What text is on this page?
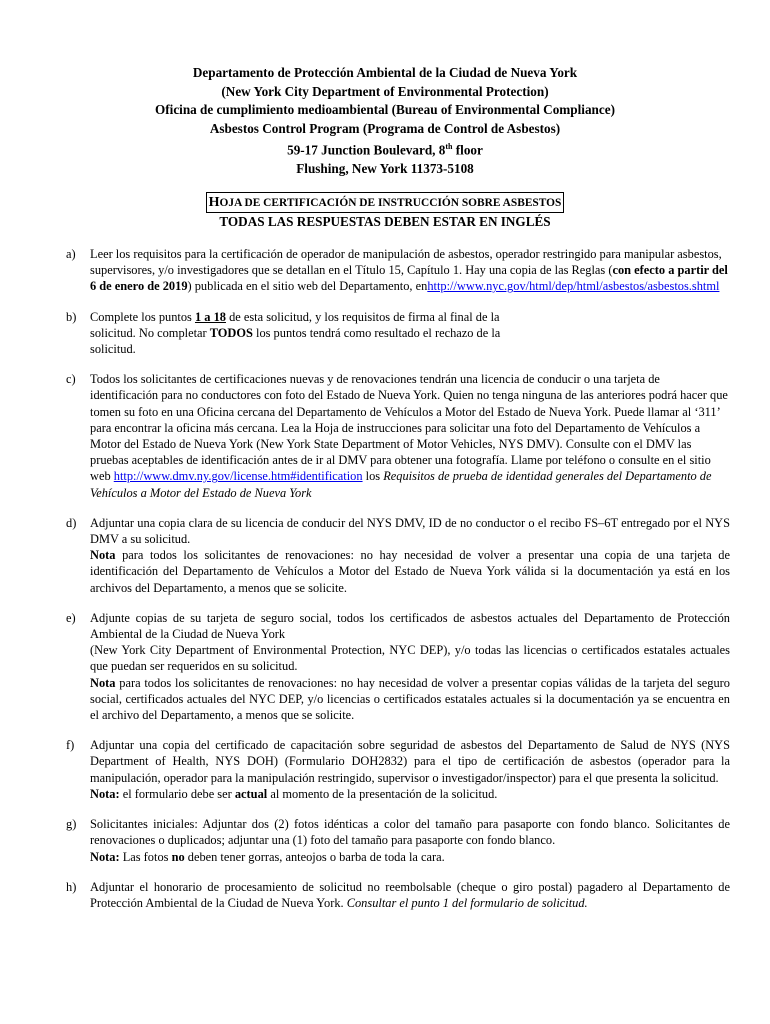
Departamento de Protección Ambiental de la Ciudad de Nueva York
(New York City Department of Environmental Protection)
Oficina de cumplimiento medioambiental (Bureau of Environmental Compliance)
Asbestos Control Program (Programa de Control de Asbestos)
59-17 Junction Boulevard, 8th floor
Flushing, New York 11373-5108
HOJA DE CERTIFICACIÓN DE INSTRUCCIÓN SOBRE ASBESTOS
TODAS LAS RESPUESTAS DEBEN ESTAR EN INGLÉS
a) Leer los requisitos para la certificación de operador de manipulación de asbestos, operador restringido para manipular asbestos, supervisores, y/o investigadores que se detallan en el Título 15, Capítulo 1. Hay una copia de las Reglas (con efecto a partir del 6 de enero de 2019) publicada en el sitio web del Departamento, enhttp://www.nyc.gov/html/dep/html/asbestos/asbestos.shtml

b) Complete los puntos 1 a 18 de esta solicitud, y los requisitos de firma al final de la solicitud. No completar TODOS los puntos tendrá como resultado el rechazo de la solicitud.

c) Todos los solicitantes de certificaciones nuevas y de renovaciones tendrán una licencia de conducir o una tarjeta de identificación para no conductores con foto del Estado de Nueva York. Quien no tenga ninguna de las anteriores podrá hacer que tomen su foto en una Oficina cercana del Departamento de Vehículos a Motor del Estado de Nueva York. Puede llamar al ‘311’ para encontrar la oficina más cercana. Lea la Hoja de instrucciones para solicitar una foto del Departamento de Vehículos a Motor del Estado de Nueva York (New York State Department of Motor Vehicles, NYS DMV). Consulte con el DMV las pruebas aceptables de identificación antes de ir al DMV para obtener una fotografía. Llame por teléfono o consulte en el sitio web http://www.dmv.ny.gov/license.htm#identification los Requisitos de prueba de identidad generales del Departamento de Vehículos a Motor del Estado de Nueva York

d) Adjuntar una copia clara de su licencia de conducir del NYS DMV, ID de no conductor o el recibo FS–6T entregado por el NYS DMV a su solicitud.

Nota para todos los solicitantes de renovaciones: no hay necesidad de volver a presentar una copia de una tarjeta de identificación del Departamento de Vehículos a Motor del Estado de Nueva York válida si la documentación ya está en los archivos del Departamento, a menos que se solicite.

e) Adjunte copias de su tarjeta de seguro social, todos los certificados de asbestos actuales del Departamento de Protección Ambiental de la Ciudad de Nueva York

(New York City Department of Environmental Protection, NYC DEP), y/o todas las licencias o certificados estatales actuales que puedan ser requeridos en su solicitud.

Nota para todos los solicitantes de renovaciones: no hay necesidad de volver a presentar copias válidas de la tarjeta del seguro social, certificados actuales del NYC DEP, y/o licencias o certificados estatales actuales si la documentación ya se encuentra en el archivo del Departamento, a menos que se solicite.

f) Adjuntar una copia del certificado de capacitación sobre seguridad de asbestos del Departamento de Salud de NYS (NYS Department of Health, NYS DOH) (Formulario DOH2832) para el tipo de certificación de asbestos (operador para la manipulación, operador para la manipulación restringido, supervisor o investigador/inspector) para el que presenta la solicitud.

Nota: el formulario debe ser actual al momento de la presentación de la solicitud.

g) Solicitantes iniciales: Adjuntar dos (2) fotos idénticas a color del tamaño para pasaporte con fondo blanco. Solicitantes de renovaciones o duplicados; adjuntar una (1) foto del tamaño para pasaporte con fondo blanco.

Nota: Las fotos no deben tener gorras, anteojos o barba de toda la cara.

h) Adjuntar el honorario de procesamiento de solicitud no reembolsable (cheque o giro postal) pagadero al Departamento de Protección Ambiental de la Ciudad de Nueva York. Consultar el punto 1 del formulario de solicitud.
